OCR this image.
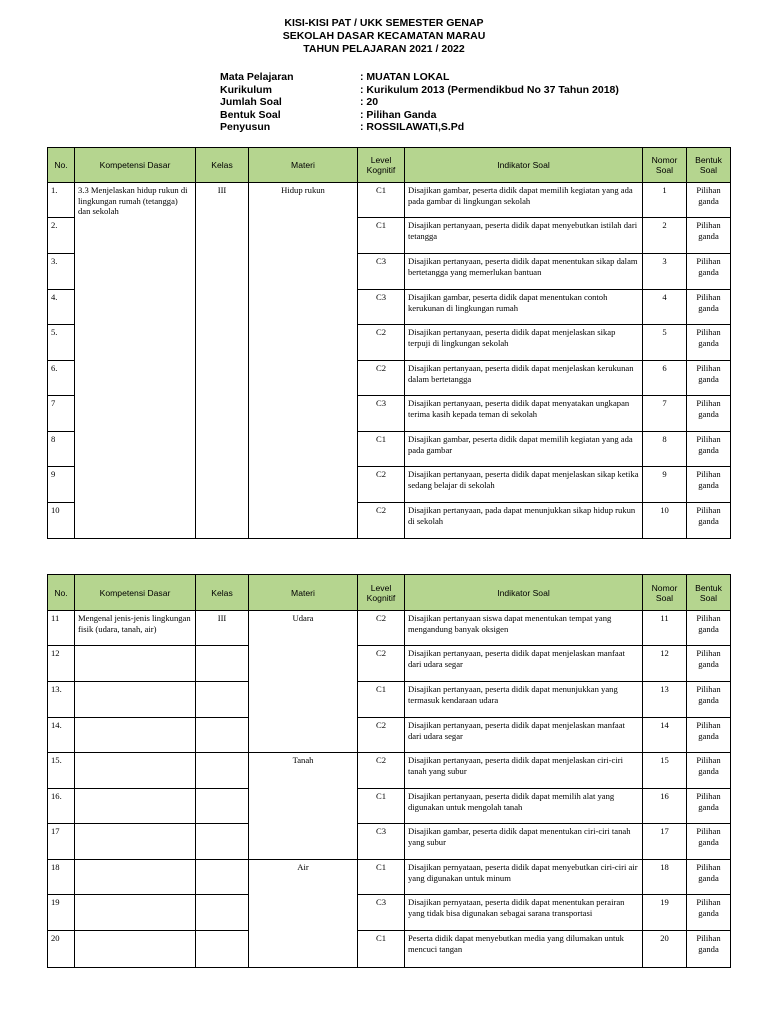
KISI-KISI PAT / UKK SEMESTER GENAP
SEKOLAH DASAR KECAMATAN MARAU
TAHUN PELAJARAN 2021 / 2022
Mata Pelajaran	: MUATAN LOKAL
Kurikulum	: Kurikulum 2013 (Permendikbud No 37 Tahun 2018)
Jumlah Soal	: 20
Bentuk Soal	: Pilihan Ganda
Penyusun	: ROSSILAWATI,S.Pd
No.	Kompetensi Dasar	Kelas	Materi	Level Kognitif	Indikator Soal	Nomor Soal	Bentuk Soal
1.	3.3 Menjelaskan hidup rukun di lingkungan rumah (tetangga) dan sekolah	III	Hidup rukun	C1	Disajikan gambar, peserta didik dapat memilih kegiatan yang ada pada gambar di lingkungan sekolah	1	Pilihan ganda
2.				C1	Disajikan pertanyaan, peserta didik dapat menyebutkan istilah dari tetangga	2	Pilihan ganda
3.				C3	Disajikan pertanyaan, peserta didik dapat menentukan sikap dalam bertetangga yang memerlukan bantuan	3	Pilihan ganda
4.				C3	Disajikan gambar, peserta didik dapat menentukan contoh kerukunan di lingkungan rumah	4	Pilihan ganda
5.				C2	Disajikan pertanyaan, peserta didik dapat menjelaskan sikap terpuji di lingkungan sekolah	5	Pilihan ganda
6.				C2	Disajikan pertanyaan, peserta didik dapat menjelaskan kerukunan dalam bertetangga	6	Pilihan ganda
7				C3	Disajikan pertanyaan, peserta didik dapat menyatakan ungkapan terima kasih kepada teman di sekolah	7	Pilihan ganda
8				C1	Disajikan gambar, peserta didik dapat memilih kegiatan yang ada pada gambar	8	Pilihan ganda
9				C2	Disajikan pertanyaan, peserta didik dapat menjelaskan sikap ketika sedang belajar di sekolah	9	Pilihan ganda
10				C2	Disajikan pertanyaan, pada dapat menunjukkan sikap hidup rukun di sekolah	10	Pilihan ganda
No.	Kompetensi Dasar	Kelas	Materi	Level Kognitif	Indikator Soal	Nomor Soal	Bentuk Soal
11	Mengenal jenis-jenis lingkungan fisik (udara, tanah, air)	III	Udara	C2	Disajikan pertanyaan siswa dapat menentukan tempat yang mengandung banyak oksigen	11	Pilihan ganda
12				C2	Disajikan pertanyaan, peserta didik dapat menjelaskan manfaat dari udara segar	12	Pilihan ganda
13.				C1	Disajikan pertanyaan, peserta didik dapat menunjukkan yang termasuk kendaraan udara	13	Pilihan ganda
14.				C2	Disajikan pertanyaan, peserta didik dapat menjelaskan manfaat dari udara segar	14	Pilihan ganda
15.			Tanah	C2	Disajikan pertanyaan, peserta didik dapat menjelaskan ciri-ciri tanah yang subur	15	Pilihan ganda
16.				C1	Disajikan pertanyaan, peserta didik dapat memilih alat yang digunakan untuk mengolah tanah	16	Pilihan ganda
17				C3	Disajikan gambar, peserta didik dapat menentukan ciri-ciri tanah yang subur	17	Pilihan ganda
18			Air	C1	Disajikan pernyataan, peserta didik dapat menyebutkan ciri-ciri air yang digunakan untuk minum	18	Pilihan ganda
19				C3	Disajikan pernyataan, peserta didik dapat menentukan perairan yang tidak bisa digunakan sebagai sarana transportasi	19	Pilihan ganda
20				C1	Peserta didik dapat menyebutkan media yang dilumakan untuk mencuci tangan	20	Pilihan ganda
